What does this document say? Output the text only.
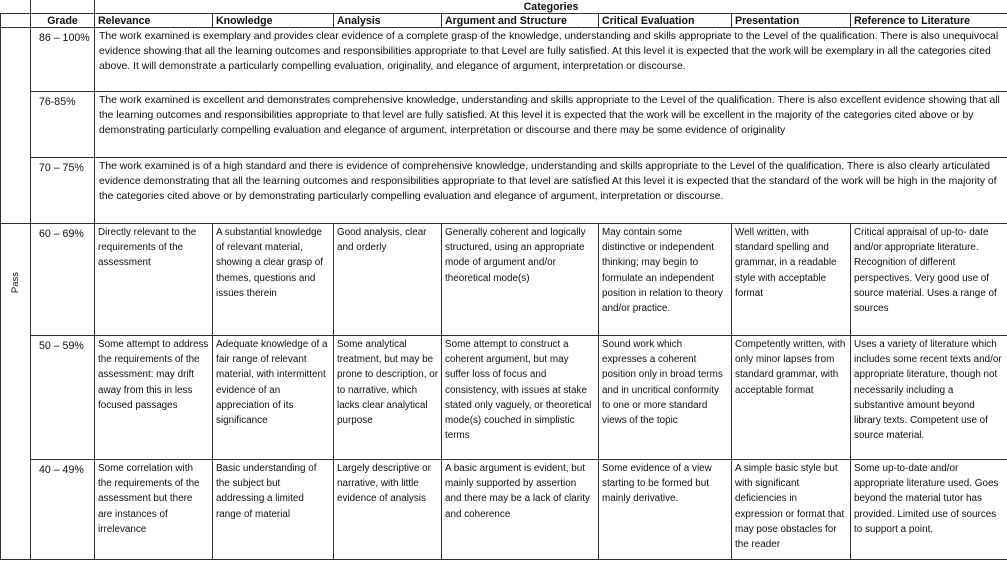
		Categories						
	Grade	Relevance	Knowledge	Analysis	Argument and Structure	Critical Evaluation	Presentation	Reference to Literature
	86 – 100%	The work examined is exemplary and provides clear evidence of a complete grasp of the knowledge, understanding and skills appropriate to the Level of the qualification. There is also unequivocal evidence showing that all the learning outcomes and responsibilities appropriate to that Level are fully satisfied. At this level it is expected that the work will be exemplary in all the categories cited above. It will demonstrate a particularly compelling evaluation, originality, and elegance of argument, interpretation or discourse.						
	76-85%	The work examined is excellent and demonstrates comprehensive knowledge, understanding and skills appropriate to the Level of the qualification. There is also excellent evidence showing that all the learning outcomes and responsibilities appropriate to that level are fully satisfied. At this level it is expected that the work will be excellent in the majority of the categories cited above or by demonstrating particularly compelling evaluation and elegance of argument, interpretation or discourse and there may be some evidence of originality						
	70 – 75%	The work examined is of a high standard and there is evidence of comprehensive knowledge, understanding and skills appropriate to the Level of the qualification. There is also clearly articulated evidence demonstrating that all the learning outcomes and responsibilities appropriate to that level are satisfied At this level it is expected that the standard of the work will be high in the majority of the categories cited above or by demonstrating particularly compelling evaluation and elegance of argument, interpretation or discourse.						

Pass	60 – 69%	Directly relevant to the requirements of the assessment	A substantial knowledge of relevant material, showing a clear grasp of themes, questions and issues therein	Good analysis, clear and orderly	Generally coherent and logically structured, using an appropriate mode of argument and/or theoretical mode(s)	May contain some distinctive or independent thinking; may begin to formulate an independent position in relation to theory and/or practice.	Well written, with standard spelling and grammar, in a readable style with acceptable format	Critical appraisal of up-to- date and/or appropriate literature. Recognition of different perspectives. Very good use of source material. Uses a range of sources
	50 – 59%	Some attempt to address the requirements of the assessment: may drift away from this in less focused passages	Adequate knowledge of a fair range of relevant material, with intermittent evidence of an appreciation of its significance	Some analytical treatment, but may be prone to description, or to narrative, which lacks clear analytical purpose	Some attempt to construct a coherent argument, but may suffer loss of focus and consistency, with issues at stake stated only vaguely, or theoretical mode(s) couched in simplistic terms	Sound work which expresses a coherent position only in broad terms and in uncritical conformity to one or more standard views of the topic	Competently written, with only minor lapses from standard grammar, with acceptable format	Uses a variety of literature which includes some recent texts and/or appropriate literature, though not necessarily including a substantive amount beyond library texts. Competent use of source material.
	40 – 49%	Some correlation with the requirements of the assessment but there are instances of irrelevance	Basic understanding of the subject but addressing a limited range of material	Largely descriptive or narrative, with little evidence of analysis	A basic argument is evident, but mainly supported by assertion and there may be a lack of clarity and coherence	Some evidence of a view starting to be formed but mainly derivative.	A simple basic style but with significant deficiencies in expression or format that may pose obstacles for the reader	Some up-to-date and/or appropriate literature used. Goes beyond the material tutor has provided. Limited use of sources to support a point.
